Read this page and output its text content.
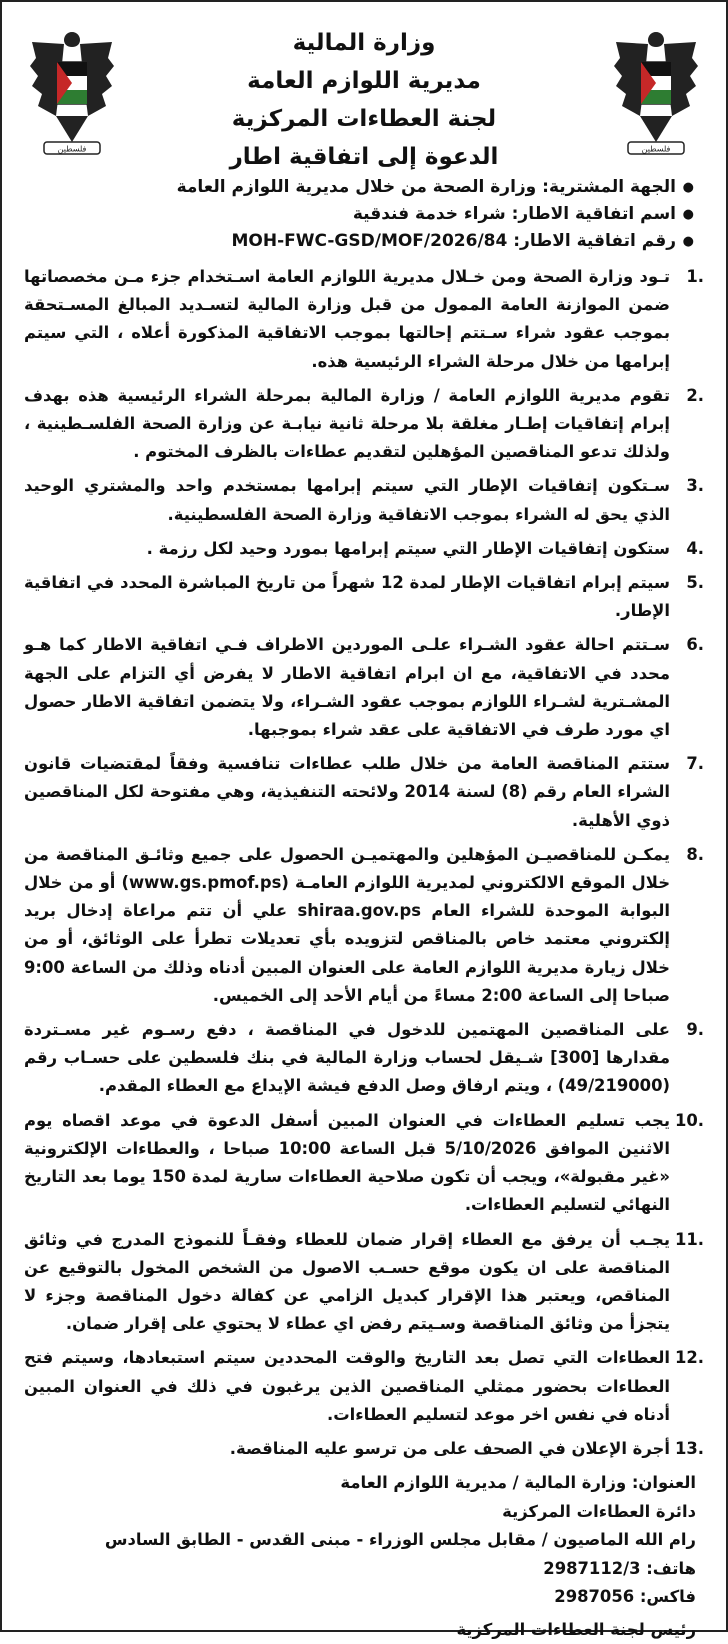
فلسطين
وزارة المالية
مديرية اللوازم العامة
لجنة العطاءات المركزية
الدعوة إلى اتفاقية اطار
فلسطين
● الجهة المشترية: وزارة الصحة من خلال مديرية اللوازم العامة
● اسم اتفاقية الاطار: شراء خدمة فندقية
● رقم اتفاقية الاطار: MOH-FWC-GSD/MOF/2026/84
.1
تـود وزارة الصحة ومن خـلال مديرية اللوازم العامة اسـتخدام جزء مـن مخصصاتها ضمن الموازنة العامة الممول من قبل وزارة المالية لتسـديد المبالغ المسـتحقة بموجب عقود شراء سـتتم إحالتها بموجب الاتفاقية المذكورة أعلاه ، التي سيتم إبرامها من خلال مرحلة الشراء الرئيسية هذه.
.2
تقوم مديرية اللوازم العامة / وزارة المالية بمرحلة الشراء الرئيسية هذه بهدف إبرام إتفاقيات إطـار مغلقة بلا مرحلة ثانية نيابـة عن وزارة الصحة الفلسـطينية ، ولذلك تدعو المناقصين المؤهلين لتقديم عطاءات بالظرف المختوم .
.3
سـتكون إتفاقيات الإطار التي سيتم إبرامها بمستخدم واحد والمشتري الوحيد الذي يحق له الشراء بموجب الاتفاقية وزارة الصحة الفلسطينية.
.4
ستكون إتفاقيات الإطار التي سيتم إبرامها بمورد وحيد لكل رزمة .
.5
سيتم إبرام اتفاقيات الإطار لمدة 12 شهراً من تاريخ المباشرة المحدد في اتفاقية الإطار.
.6
سـتتم احالة عقود الشـراء علـى الموردين الاطراف فـي اتفاقية الاطار كما هـو محدد في الاتفاقية، مع ان ابرام اتفاقية الاطار لا يفرض أي التزام على الجهة المشـترية لشـراء اللوازم بموجب عقود الشـراء، ولا يتضمن اتفاقية الاطار حصول اي مورد طرف في الاتفاقية على عقد شراء بموجبها.
.7
ستتم المناقصة العامة من خلال طلب عطاءات تنافسية وفقاً لمقتضيات قانون الشراء العام رقم (8) لسنة 2014 ولائحته التنفيذية، وهي مفتوحة لكل المناقصين ذوي الأهلية.
.8
يمكـن للمناقصيـن المؤهلين والمهتميـن الحصول على جميع وثائـق المناقصة من خلال الموقع الالكتروني لمديرية اللوازم العامـة (www.gs.pmof.ps) أو من خلال البوابة الموحدة للشراء العام shiraa.gov.ps علي أن تتم مراعاة إدخال بريد إلكتروني معتمد خاص بالمناقص لتزويده بأي تعديلات تطرأ على الوثائق، أو من خلال زيارة مديرية اللوازم العامة على العنوان المبين أدناه وذلك من الساعة 9:00 صباحا إلى الساعة 2:00 مساءً من أيام الأحد إلى الخميس.
.9
على المناقصين المهتمين للدخول في المناقصة ، دفع رسـوم غير مسـتردة مقدارها [300] شـيقل لحساب وزارة المالية في بنك فلسطين على حسـاب رقم (49/219000) ، ويتم ارفاق وصل الدفع فيشة الإيداع مع العطاء المقدم.
.10
يجب تسليم العطاءات في العنوان المبين أسفل الدعوة في موعد اقصاه يوم الاثنين الموافق 5/10/2026 قبل الساعة 10:00 صباحا ، والعطاءات الإلكترونية «غير مقبولة»، ويجب أن تكون صلاحية العطاءات سارية لمدة 150 يوما بعد التاريخ النهائي لتسليم العطاءات.
.11
يجـب أن يرفق مع العطاء إقرار ضمان للعطاء وفقـاً للنموذج المدرج في وثائق المناقصة على ان يكون موقع حسـب الاصول من الشخص المخول بالتوقيع عن المناقص، ويعتبر هذا الإقرار كبديل الزامي عن كفالة دخول المناقصة وجزء لا يتجزأ من وثائق المناقصة وسـيتم رفض اي عطاء لا يحتوي على إقرار ضمان.
.12
العطاءات التي تصل بعد التاريخ والوقت المحددين سيتم استبعادها، وسيتم فتح العطاءات بحضور ممثلي المناقصين الذين يرغبون في ذلك في العنوان المبين أدناه في نفس اخر موعد لتسليم العطاءات.
.13
أجرة الإعلان في الصحف على من ترسو عليه المناقصة.
العنوان: وزارة المالية / مديرية اللوازم العامة
دائرة العطاءات المركزية
رام الله الماصيون / مقابل مجلس الوزراء - مبنى القدس - الطابق السادس
هاتف: 2987112/3
فاكس: 2987056
رئيس لجنة العطاءات المركزية
